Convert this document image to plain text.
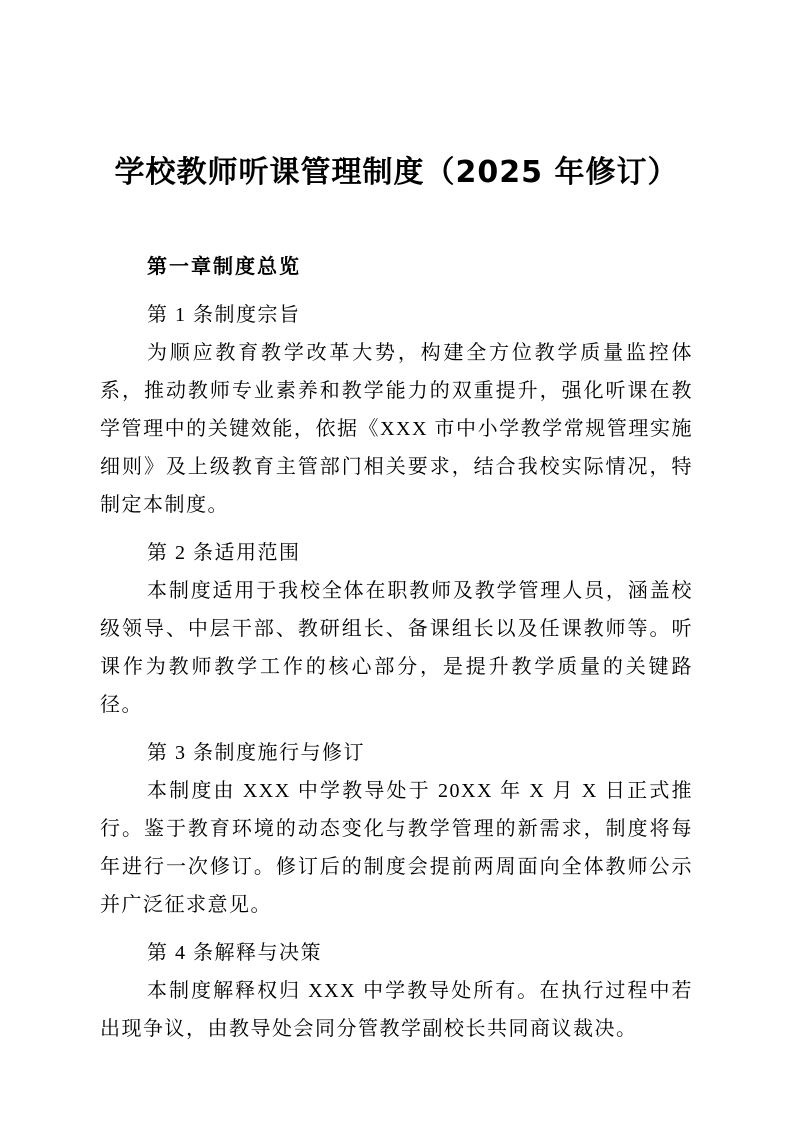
学校教师听课管理制度（2025 年修订）

第一章制度总览

第 1 条制度宗旨

为顺应教育教学改革大势，构建全方位教学质量监控体系，推动教师专业素养和教学能力的双重提升，强化听课在教学管理中的关键效能，依据《XXX 市中小学教学常规管理实施细则》及上级教育主管部门相关要求，结合我校实际情况，特制定本制度。

第 2 条适用范围

本制度适用于我校全体在职教师及教学管理人员，涵盖校级领导、中层干部、教研组长、备课组长以及任课教师等。听课作为教师教学工作的核心部分，是提升教学质量的关键路径。

第 3 条制度施行与修订

本制度由 XXX 中学教导处于 20XX 年 X 月 X 日正式推行。鉴于教育环境的动态变化与教学管理的新需求，制度将每年进行一次修订。修订后的制度会提前两周面向全体教师公示并广泛征求意见。

第 4 条解释与决策

本制度解释权归 XXX 中学教导处所有。在执行过程中若出现争议，由教导处会同分管教学副校长共同商议裁决。
